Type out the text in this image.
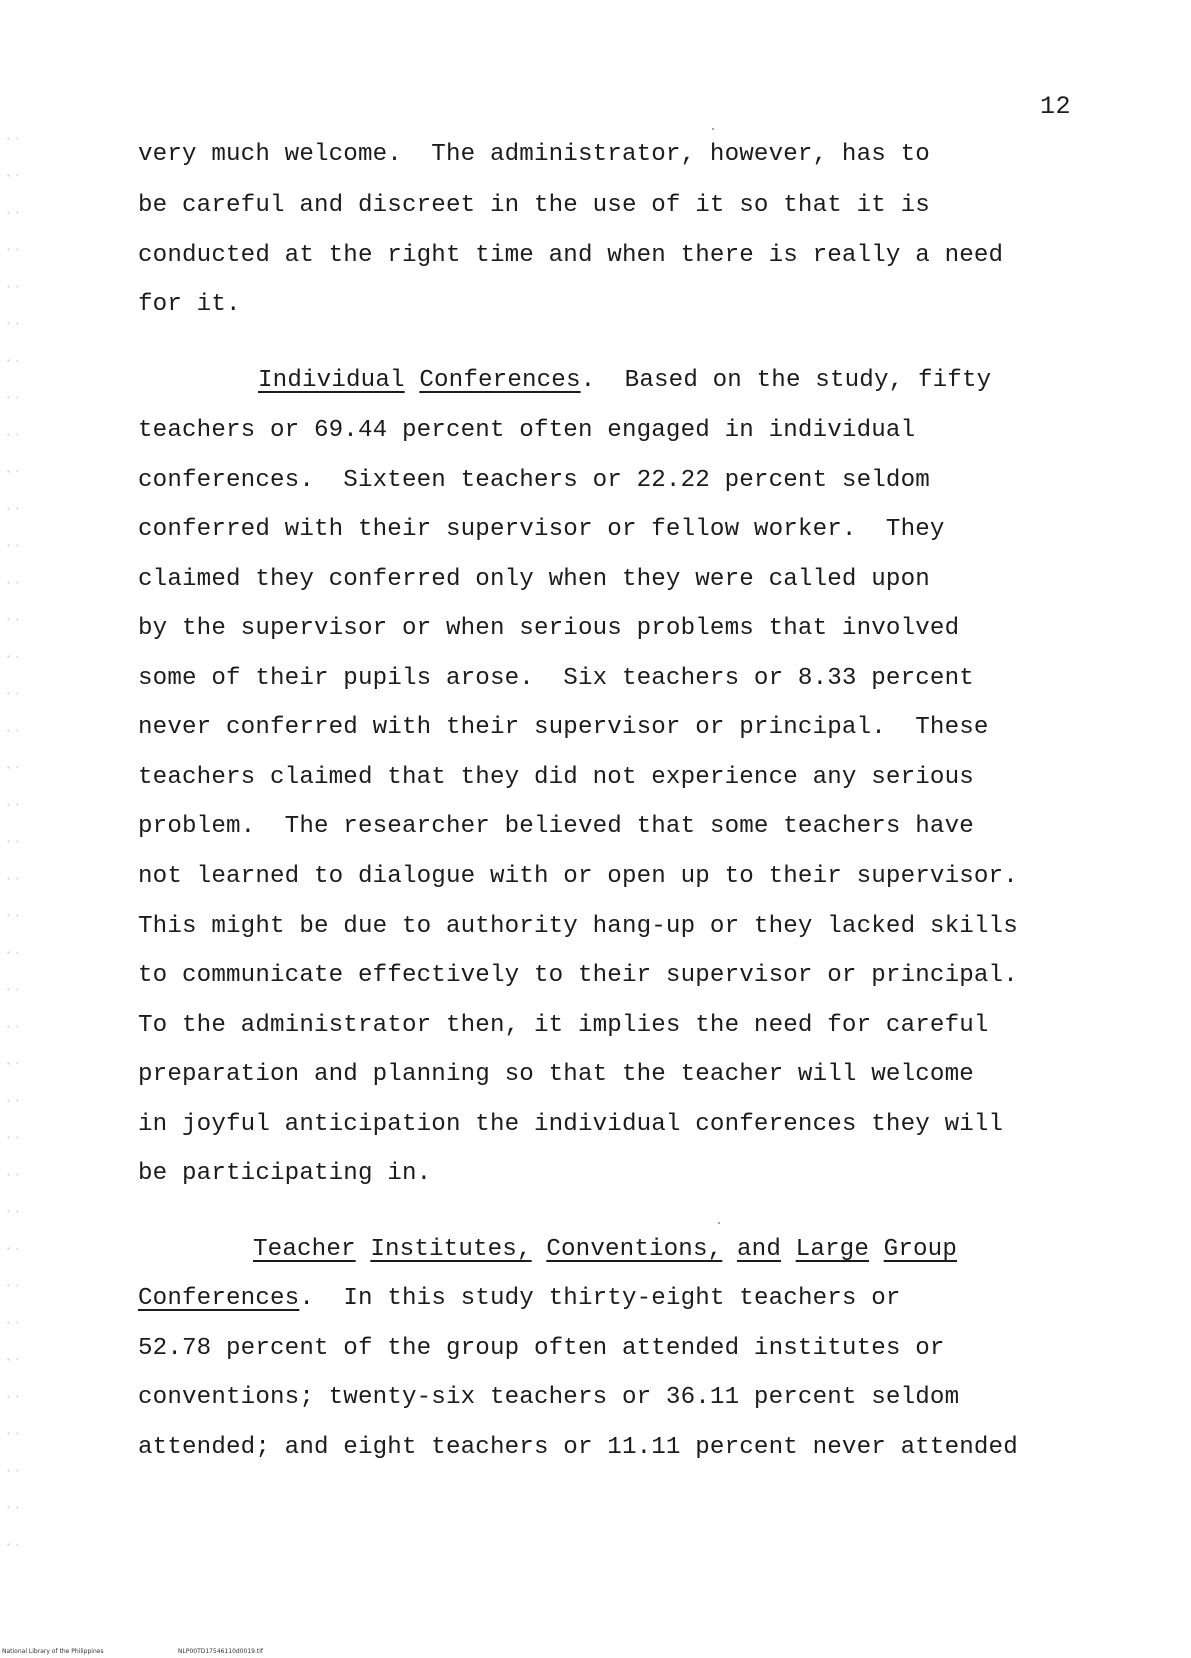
12
very much welcome.  The administrator, however, has to
be careful and discreet in the use of it so that it is
conducted at the right time and when there is really a need
for it.
Individual Conferences.  Based on the study, fifty
teachers or 69.44 percent often engaged in individual
conferences.  Sixteen teachers or 22.22 percent seldom
conferred with their supervisor or fellow worker.  They
claimed they conferred only when they were called upon
by the supervisor or when serious problems that involved
some of their pupils arose.  Six teachers or 8.33 percent
never conferred with their supervisor or principal.  These
teachers claimed that they did not experience any serious
problem.  The researcher believed that some teachers have
not learned to dialogue with or open up to their supervisor.
This might be due to authority hang-up or they lacked skills
to communicate effectively to their supervisor or principal.
To the administrator then, it implies the need for careful
preparation and planning so that the teacher will welcome
in joyful anticipation the individual conferences they will
be participating in.
Teacher Institutes, Conventions, and Large Group
Conferences.  In this study thirty-eight teachers or
52.78 percent of the group often attended institutes or
conventions; twenty-six teachers or 36.11 percent seldom
attended; and eight teachers or 11.11 percent never attended
National Library of the Philippines	NLP00TD17546110d0019.tif
